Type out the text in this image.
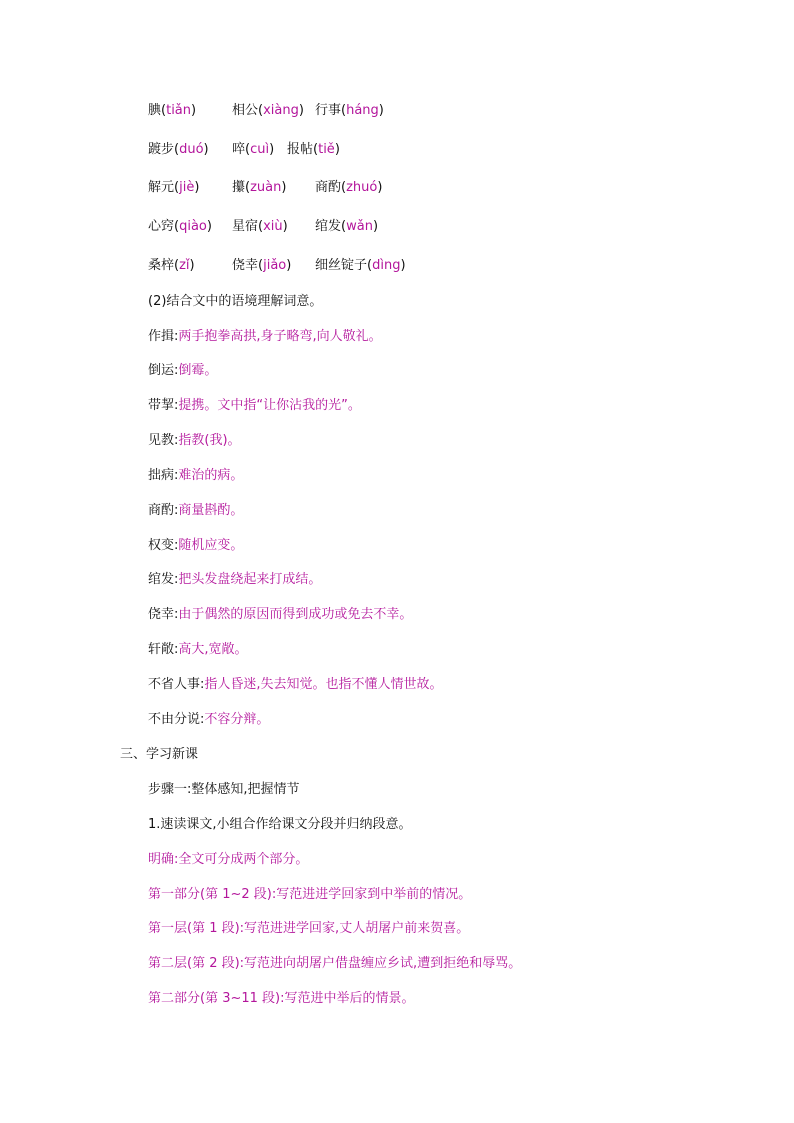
腆(tiǎn)	相公(xiàng) 行事(háng)
踱步(duó) 啐(cuì) 报帖(tiě)
解元(jiè)	攥(zuàn) 商酌(zhuó)
心窍(qiào) 星宿(xiù) 绾发(wǎn)
桑梓(zǐ)	侥幸(jiǎo) 细丝锭子(dìng)
(2)结合文中的语境理解词意。
作揖:两手抱拳高拱,身子略弯,向人敬礼。
倒运:倒霉。
带挈:提携。文中指“让你沾我的光”。
见教:指教(我)。
拙病:难治的病。
商酌:商量斟酌。
权变:随机应变。
绾发:把头发盘绕起来打成结。
侥幸:由于偶然的原因而得到成功或免去不幸。
轩敞:高大,宽敞。
不省人事:指人昏迷,失去知觉。也指不懂人情世故。
不由分说:不容分辩。
三、学习新课
步骤一:整体感知,把握情节
1.速读课文,小组合作给课文分段并归纳段意。
明确:全文可分成两个部分。
第一部分(第 1~2 段):写范进进学回家到中举前的情况。
第一层(第 1 段):写范进进学回家,丈人胡屠户前来贺喜。
第二层(第 2 段):写范进向胡屠户借盘缠应乡试,遭到拒绝和辱骂。
第二部分(第 3~11 段):写范进中举后的情景。
